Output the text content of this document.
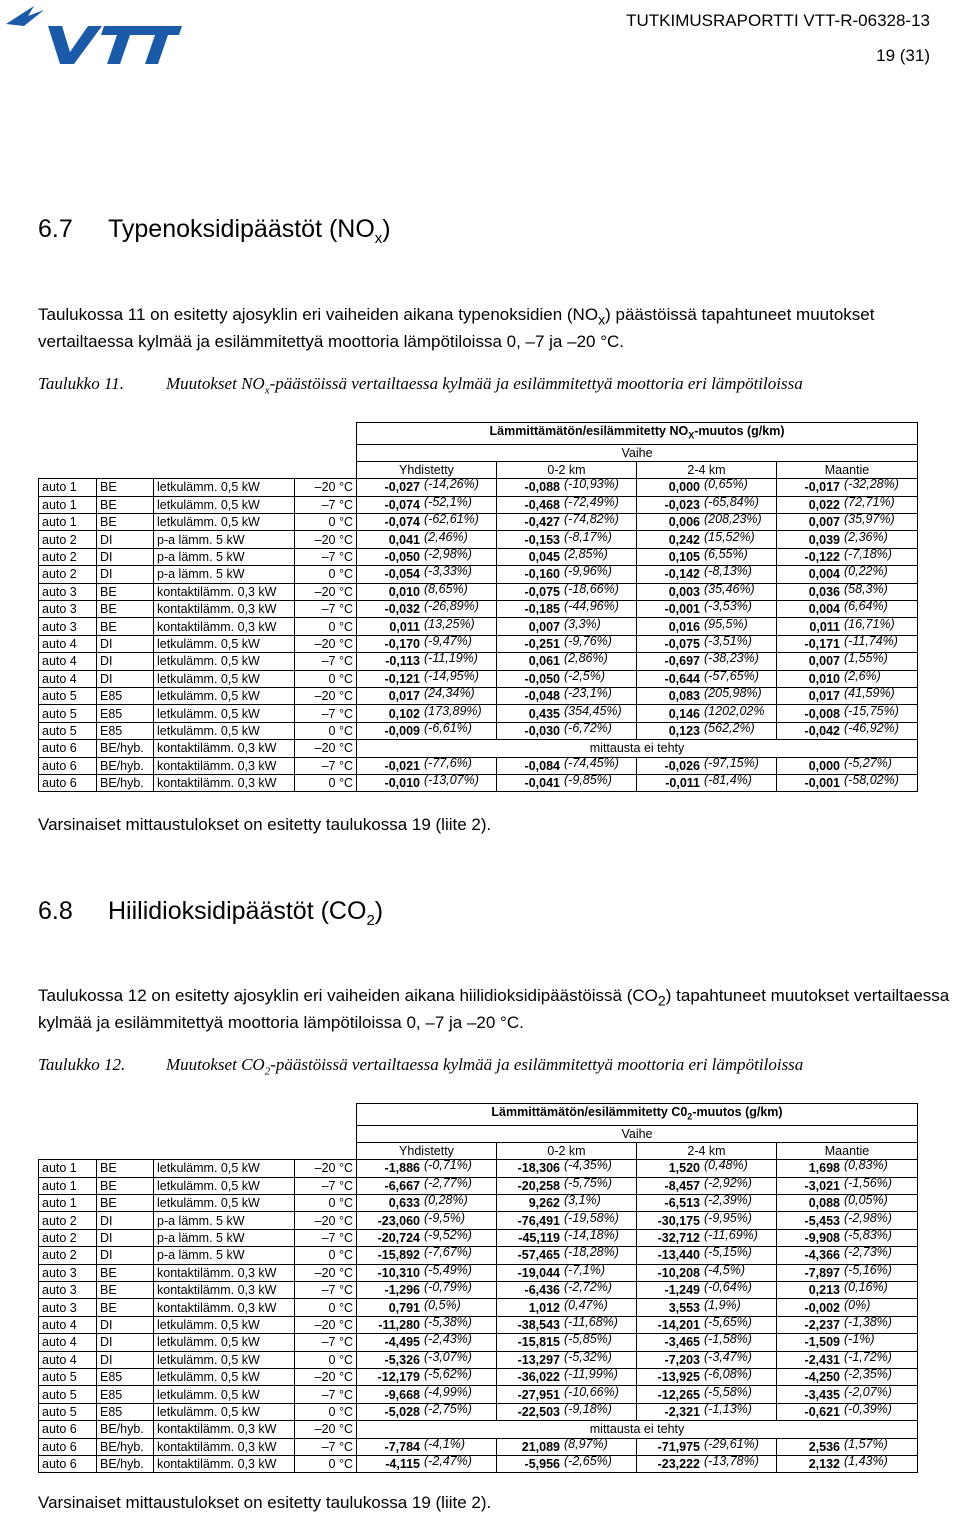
TUTKIMUSRAPORTTI VTT-R-06328-13
19 (31)
6.7 Typenoksidipäästöt $(NO_x)$

Taulukossa 11 on esitetty ajosyklin eri vaiheiden aikana typenoksidien $(NO_x)$ päästöissä tapahtuneet muutokset vertailtaessa kylmää ja esilämmitettyä moottoria lämpötiloissa 0, –7 ja –20 °C.

Taulukko 11. Muutokset $NO_x$-päästöissä vertailtaessa kylmää ja esilämmitettyä moottoria eri lämpötiloissa
				Lämmittämätön/esilämmitetty $NO_X$-muutos (g/km)			
				Vaihe			
				Yhdistetty	0-2 km	2-4 km	Maantie
auto 1	BE	letkulämm. 0,5 kW	–20 °C	-0,027 (-14,26%)	-0,088 (-10,93%)	0,000 (0,65%)	-0,017 (-32,28%)
auto 1	BE	letkulämm. 0,5 kW	–7 °C	-0,074 (-52,1%)	-0,468 (-72,49%)	-0,023 (-65,84%)	0,022 (72,71%)
auto 1	BE	letkulämm. 0,5 kW	0 °C	-0,074 (-62,61%)	-0,427 (-74,82%)	0,006 (208,23%)	0,007 (35,97%)
auto 2	DI	p-a lämm. 5 kW	–20 °C	0,041 (2,46%)	-0,153 (-8,17%)	0,242 (15,52%)	0,039 (2,36%)
auto 2	DI	p-a lämm. 5 kW	–7 °C	-0,050 (-2,98%)	0,045 (2,85%)	0,105 (6,55%)	-0,122 (-7,18%)
auto 2	DI	p-a lämm. 5 kW	0 °C	-0,054 (-3,33%)	-0,160 (-9,96%)	-0,142 (-8,13%)	0,004 (0,22%)
auto 3	BE	kontaktilämm. 0,3 kW	–20 °C	0,010 (8,65%)	-0,075 (-18,66%)	0,003 (35,46%)	0,036 (58,3%)
auto 3	BE	kontaktilämm. 0,3 kW	–7 °C	-0,032 (-26,89%)	-0,185 (-44,96%)	-0,001 (-3,53%)	0,004 (6,64%)
auto 3	BE	kontaktilämm. 0,3 kW	0 °C	0,011 (13,25%)	0,007 (3,3%)	0,016 (95,5%)	0,011 (16,71%)
auto 4	DI	letkulämm. 0,5 kW	–20 °C	-0,170 (-9,47%)	-0,251 (-9,76%)	-0,075 (-3,51%)	-0,171 (-11,74%)
auto 4	DI	letkulämm. 0,5 kW	–7 °C	-0,113 (-11,19%)	0,061 (2,86%)	-0,697 (-38,23%)	0,007 (1,55%)
auto 4	DI	letkulämm. 0,5 kW	0 °C	-0,121 (-14,95%)	-0,050 (-2,5%)	-0,644 (-57,65%)	0,010 (2,6%)
auto 5	E85	letkulämm. 0,5 kW	–20 °C	0,017 (24,34%)	-0,048 (-23,1%)	0,083 (205,98%)	0,017 (41,59%)
auto 5	E85	letkulämm. 0,5 kW	–7 °C	0,102 (173,89%)	0,435 (354,45%)	0,146 (1202,02%	-0,008 (-15,75%)
auto 5	E85	letkulämm. 0,5 kW	0 °C	-0,009 (-6,61%)	-0,030 (-6,72%)	0,123 (562,2%)	-0,042 (-46,92%)
auto 6	BE/hyb.	kontaktilämm. 0,3 kW	–20 °C	mittausta ei tehty			
auto 6	BE/hyb.	kontaktilämm. 0,3 kW	–7 °C	-0,021 (-77,6%)	-0,084 (-74,45%)	-0,026 (-97,15%)	0,000 (-5,27%)
auto 6	BE/hyb.	kontaktilämm. 0,3 kW	0 °C	-0,010 (-13,07%)	-0,041 (-9,85%)	-0,011 (-81,4%)	-0,001 (-58,02%)
Varsinaiset mittaustulokset on esitetty taulukossa 19 (liite 2).
6.8 Hiilidioksidipäästöt $(CO_2)$

Taulukossa 12 on esitetty ajosyklin eri vaiheiden aikana hiilidioksidipäästöissä $(CO_2)$ tapahtuneet muutokset vertailtaessa kylmää ja esilämmitettyä moottoria lämpötiloissa 0, –7 ja –20 °C.

Taulukko 12. Muutokset $CO_2$-päästöissä vertailtaessa kylmää ja esilämmitettyä moottoria eri lämpötiloissa
				Lämmittämätön/esilämmitetty $C0_2$-muutos (g/km)			
				Vaihe			
				Yhdistetty	0-2 km	2-4 km	Maantie
auto 1	BE	letkulämm. 0,5 kW	–20 °C	-1,886 (-0,71%)	-18,306 (-4,35%)	1,520 (0,48%)	1,698 (0,83%)
auto 1	BE	letkulämm. 0,5 kW	–7 °C	-6,667 (-2,77%)	-20,258 (-5,75%)	-8,457 (-2,92%)	-3,021 (-1,56%)
auto 1	BE	letkulämm. 0,5 kW	0 °C	0,633 (0,28%)	9,262 (3,1%)	-6,513 (-2,39%)	0,088 (0,05%)
auto 2	DI	p-a lämm. 5 kW	–20 °C	-23,060 (-9,5%)	-76,491 (-19,58%)	-30,175 (-9,95%)	-5,453 (-2,98%)
auto 2	DI	p-a lämm. 5 kW	–7 °C	-20,724 (-9,52%)	-45,119 (-14,18%)	-32,712 (-11,69%)	-9,908 (-5,83%)
auto 2	DI	p-a lämm. 5 kW	0 °C	-15,892 (-7,67%)	-57,465 (-18,28%)	-13,440 (-5,15%)	-4,366 (-2,73%)
auto 3	BE	kontaktilämm. 0,3 kW	–20 °C	-10,310 (-5,49%)	-19,044 (-7,1%)	-10,208 (-4,5%)	-7,897 (-5,16%)
auto 3	BE	kontaktilämm. 0,3 kW	–7 °C	-1,296 (-0,79%)	-6,436 (-2,72%)	-1,249 (-0,64%)	0,213 (0,16%)
auto 3	BE	kontaktilämm. 0,3 kW	0 °C	0,791 (0,5%)	1,012 (0,47%)	3,553 (1,9%)	-0,002 (0%)
auto 4	DI	letkulämm. 0,5 kW	–20 °C	-11,280 (-5,38%)	-38,543 (-11,68%)	-14,201 (-5,65%)	-2,237 (-1,38%)
auto 4	DI	letkulämm. 0,5 kW	–7 °C	-4,495 (-2,43%)	-15,815 (-5,85%)	-3,465 (-1,58%)	-1,509 (-1%)
auto 4	DI	letkulämm. 0,5 kW	0 °C	-5,326 (-3,07%)	-13,297 (-5,32%)	-7,203 (-3,47%)	-2,431 (-1,72%)
auto 5	E85	letkulämm. 0,5 kW	–20 °C	-12,179 (-5,62%)	-36,022 (-11,99%)	-13,925 (-6,08%)	-4,250 (-2,35%)
auto 5	E85	letkulämm. 0,5 kW	–7 °C	-9,668 (-4,99%)	-27,951 (-10,66%)	-12,265 (-5,58%)	-3,435 (-2,07%)
auto 5	E85	letkulämm. 0,5 kW	0 °C	-5,028 (-2,75%)	-22,503 (-9,18%)	-2,321 (-1,13%)	-0,621 (-0,39%)
auto 6	BE/hyb.	kontaktilämm. 0,3 kW	–20 °C	mittausta ei tehty			
auto 6	BE/hyb.	kontaktilämm. 0,3 kW	–7 °C	-7,784 (-4,1%)	21,089 (8,97%)	-71,975 (-29,61%)	2,536 (1,57%)
auto 6	BE/hyb.	kontaktilämm. 0,3 kW	0 °C	-4,115 (-2,47%)	-5,956 (-2,65%)	-23,222 (-13,78%)	2,132 (1,43%)
Varsinaiset mittaustulokset on esitetty taulukossa 19 (liite 2).
